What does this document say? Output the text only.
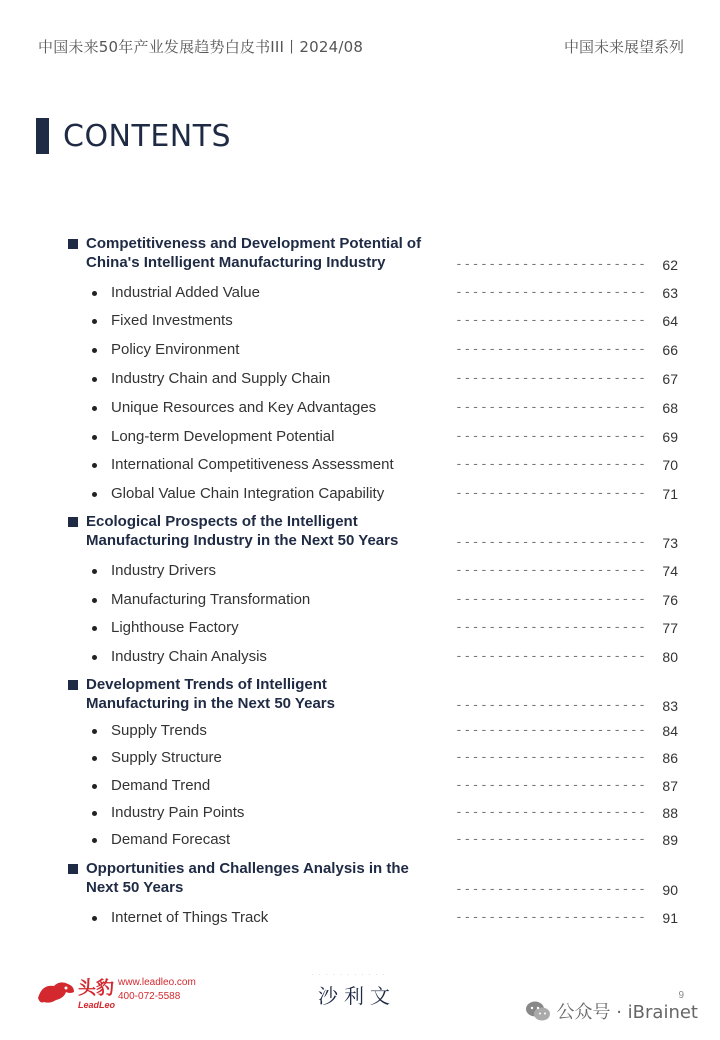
中国未来50年产业发展趋势白皮书III丨2024/08	中国未来展望系列
CONTENTS
Competitiveness and Development Potential of
China's Intelligent Manufacturing Industry	-----------------------	62
Industrial Added Value	-----------------------	63
Fixed Investments	-----------------------	64
Policy Environment	-----------------------	66
Industry Chain and Supply Chain	-----------------------	67
Unique Resources and Key Advantages	-----------------------	68
Long-term Development Potential	-----------------------	69
International Competitiveness Assessment	-----------------------	70
Global Value Chain Integration Capability	-----------------------	71
Ecological Prospects of the Intelligent
Manufacturing Industry in the Next 50 Years	-----------------------	73
Industry Drivers	-----------------------	74
Manufacturing Transformation	-----------------------	76
Lighthouse Factory	-----------------------	77
Industry Chain Analysis	-----------------------	80
Development Trends of Intelligent
Manufacturing in the Next 50 Years	-----------------------	83
Supply Trends	-----------------------	84
Supply Structure	-----------------------	86
Demand Trend	-----------------------	87
Industry Pain Points	-----------------------	88
Demand Forecast	-----------------------	89
Opportunities and Challenges Analysis in the
Next 50 Years	-----------------------	90
Internet of Things Track	-----------------------	91
头豹
LeadLeo
www.leadleo.com
400-072-5588
· · · · · · · · · · ·
沙利文	9
公众号 · iBrainet
